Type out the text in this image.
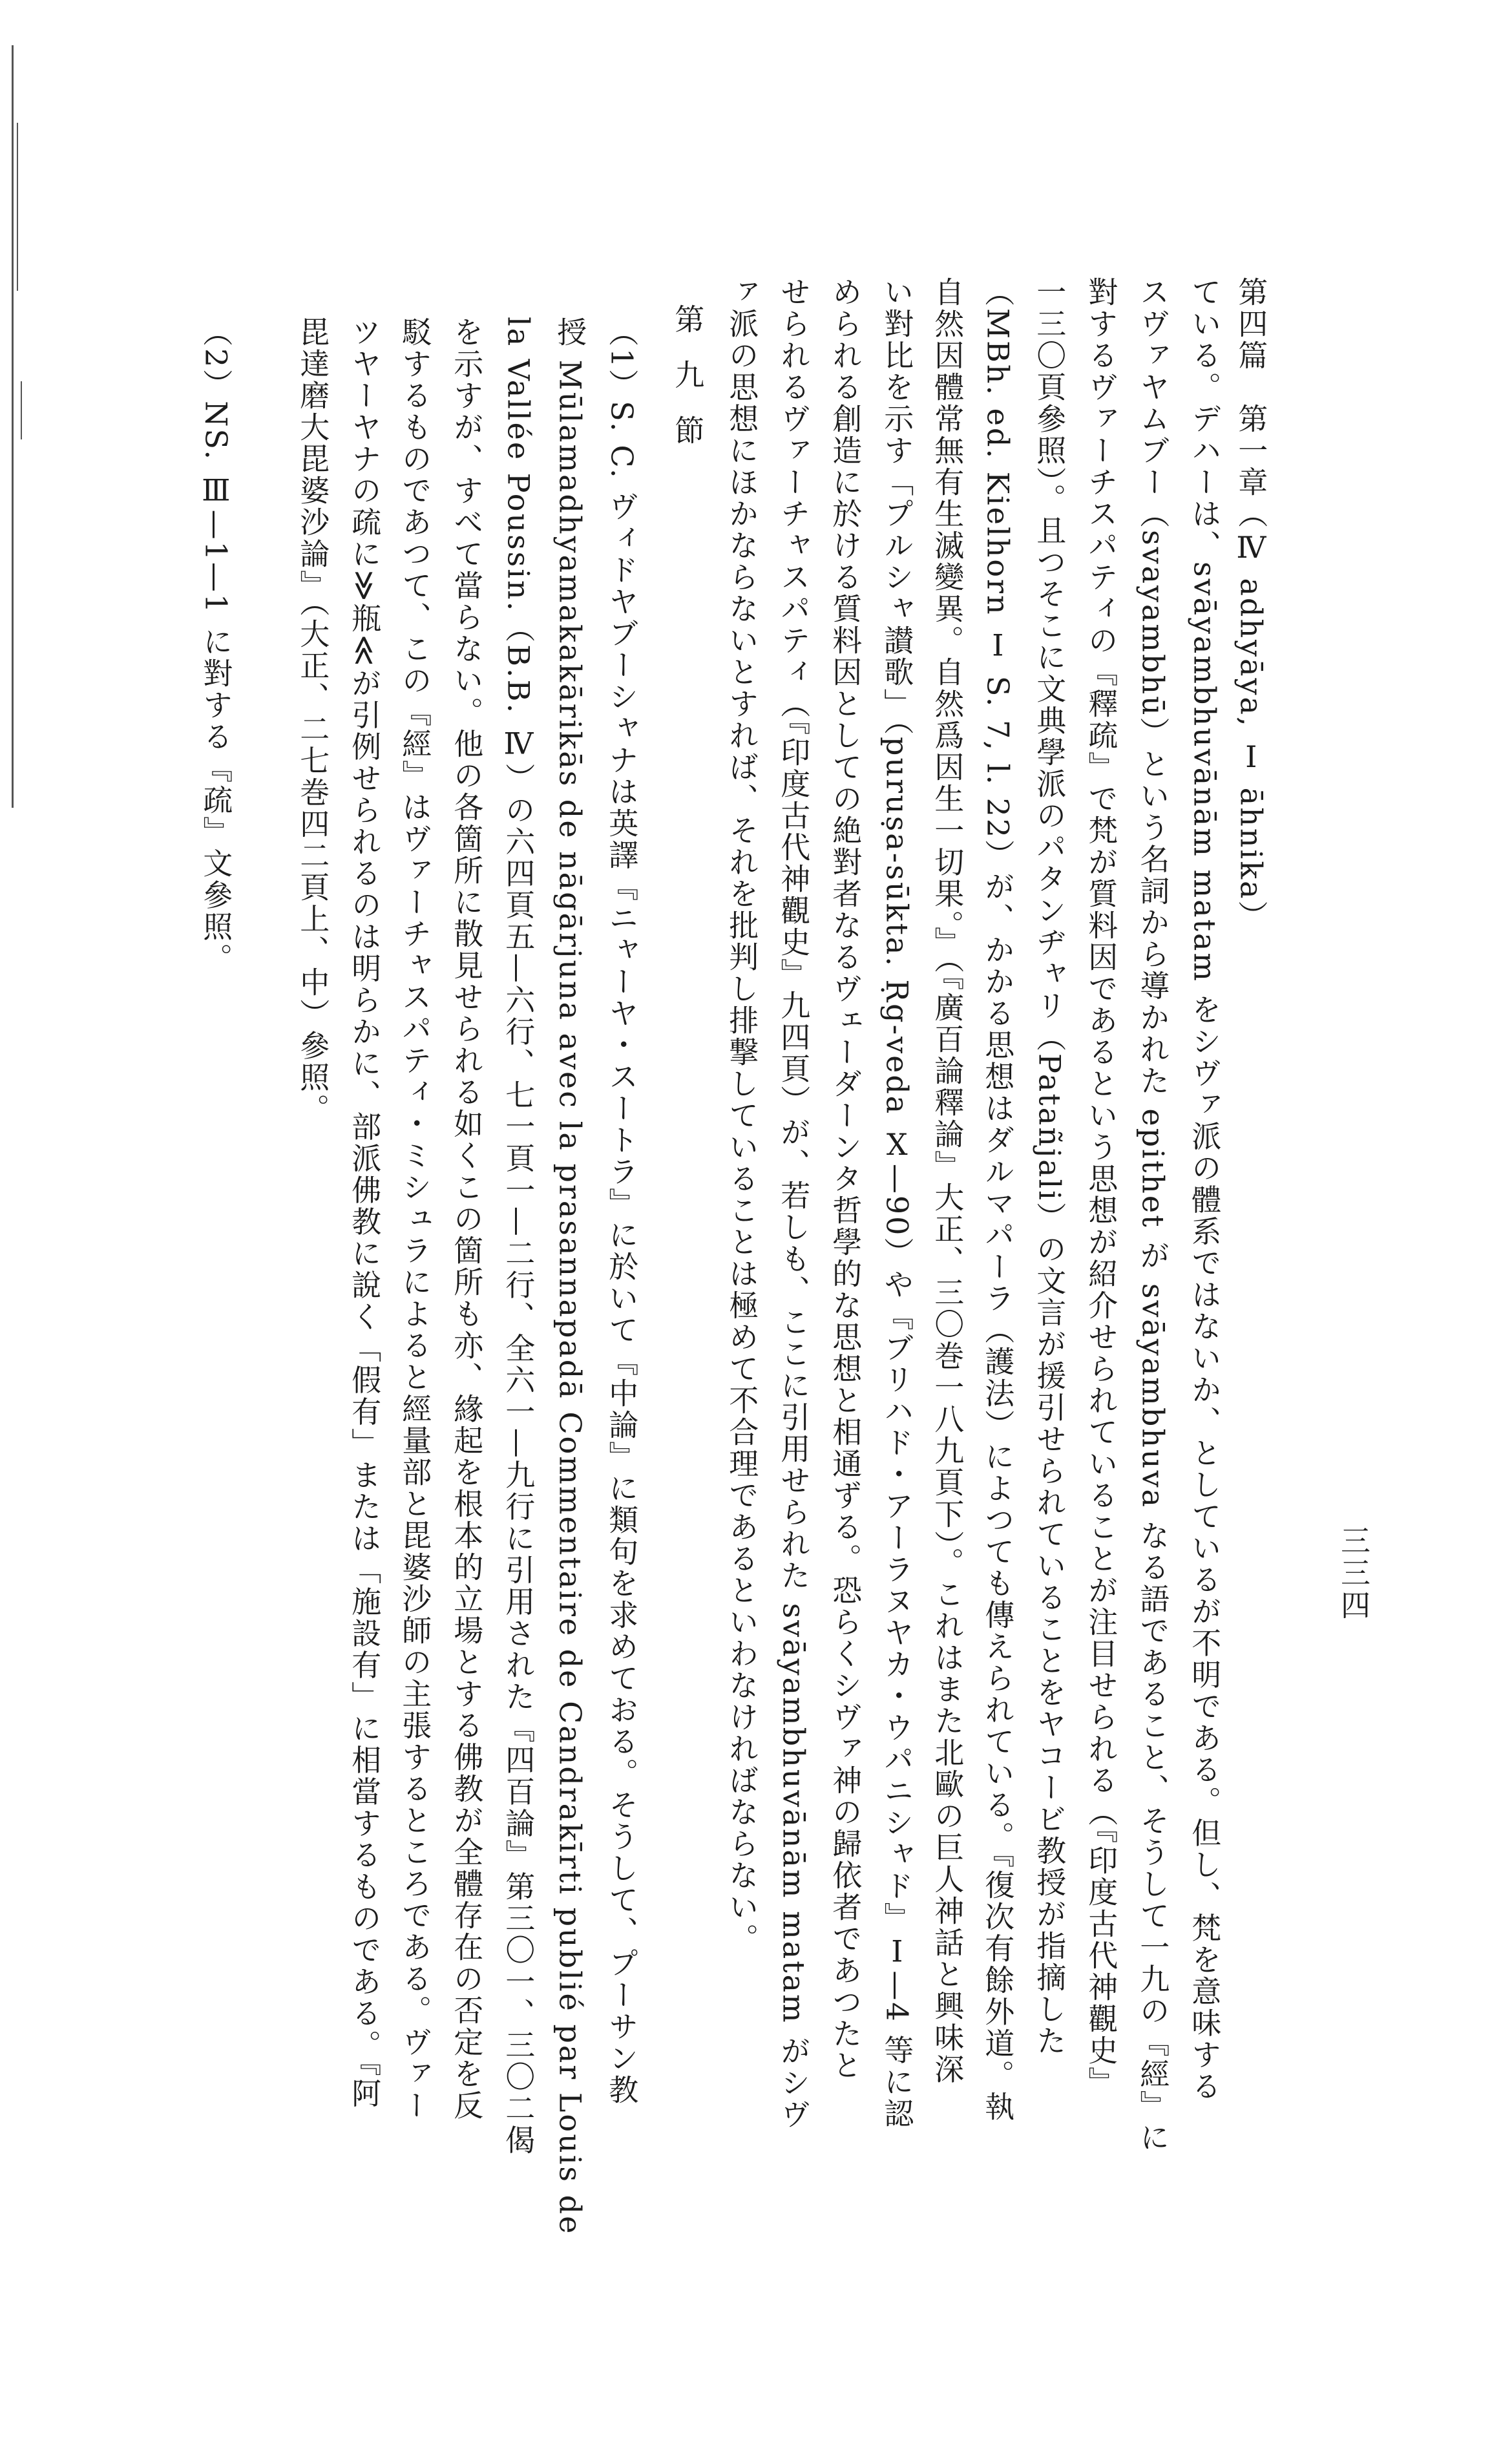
第四篇　第一章（Ⅳ adhyāya, Ⅰ āhnika）
三三四
ている。デハーは、svāyambhuvānām matam をシヴァ派の體系ではないか、としているが不明である。但し、梵を意味する
スヴァヤムブー（svayambhū）という名詞から導かれた epithet が svāyambhuva なる語であること、そうして一九の『經』に
對するヴァーチスパティの『釋疏』で梵が質料因であるという思想が紹介せられていることが注目せられる（『印度古代神觀史』
一三〇頁參照）。且つそこに文典學派のパタンヂャリ（Patañjali）の文言が援引せられていることをヤコービ教授が指摘した
（MBh. ed. Kielhorn Ⅰ S. 7, l. 22）が、かかる思想はダルマパーラ（護法）によつても傳えられている。『復次有餘外道。執
自然因體常無有生滅變異。自然爲因生一切果。』（『廣百論釋論』大正、三〇巻一八九頁下）。これはまた北歐の巨人神話と興味深
い對比を示す「プルシャ讃歌」（puruṣa-sūkta. Ṛg-veda Ⅹ—90）や『ブリハド・アーラヌヤカ・ウパニシャド』Ⅰ—4 等に認
められる創造に於ける質料因としての絶對者なるヴェーダーンタ哲學的な思想と相通ずる。恐らくシヴァ神の歸依者であつたと
せられるヴァーチャスパティ（『印度古代神觀史』九四頁）が、若しも、ここに引用せられた svāyambhuvānām matam がシヴ
ァ派の思想にほかならないとすれば、それを批判し排撃していることは極めて不合理であるといわなければならない。
第九節
（1）S. C. ヴィドヤブーシャナは英譯『ニャーヤ・スートラ』に於いて『中論』に類句を求めておる。そうして、プーサン教
授 Mūlamadhyamakakārikās de nāgārjuna avec la prasannapadā Commentaire de Candrakīrti publié par Louis de
la Vallée Poussin.（B.B. Ⅳ）の六四頁五—六行、七一頁一—二行、全六一—九行に引用された『四百論』第三〇一、三〇二偈
を示すが、すべて當らない。他の各箇所に散見せられる如くこの箇所も亦、緣起を根本的立場とする佛教が全體存在の否定を反
駁するものであつて、この『經』はヴァーチャスパティ・ミシュラによると經量部と毘婆沙師の主張するところである。ヴァー
ツヤーヤナの疏に≫瓶≪が引例せられるのは明らかに、部派佛教に說く「假有」または「施設有」に相當するものである。『阿
毘達磨大毘婆沙論』（大正、二七巻四二頁上、中）參照。
（2）NS. Ⅲ—1—1 に對する『疏』文參照。
